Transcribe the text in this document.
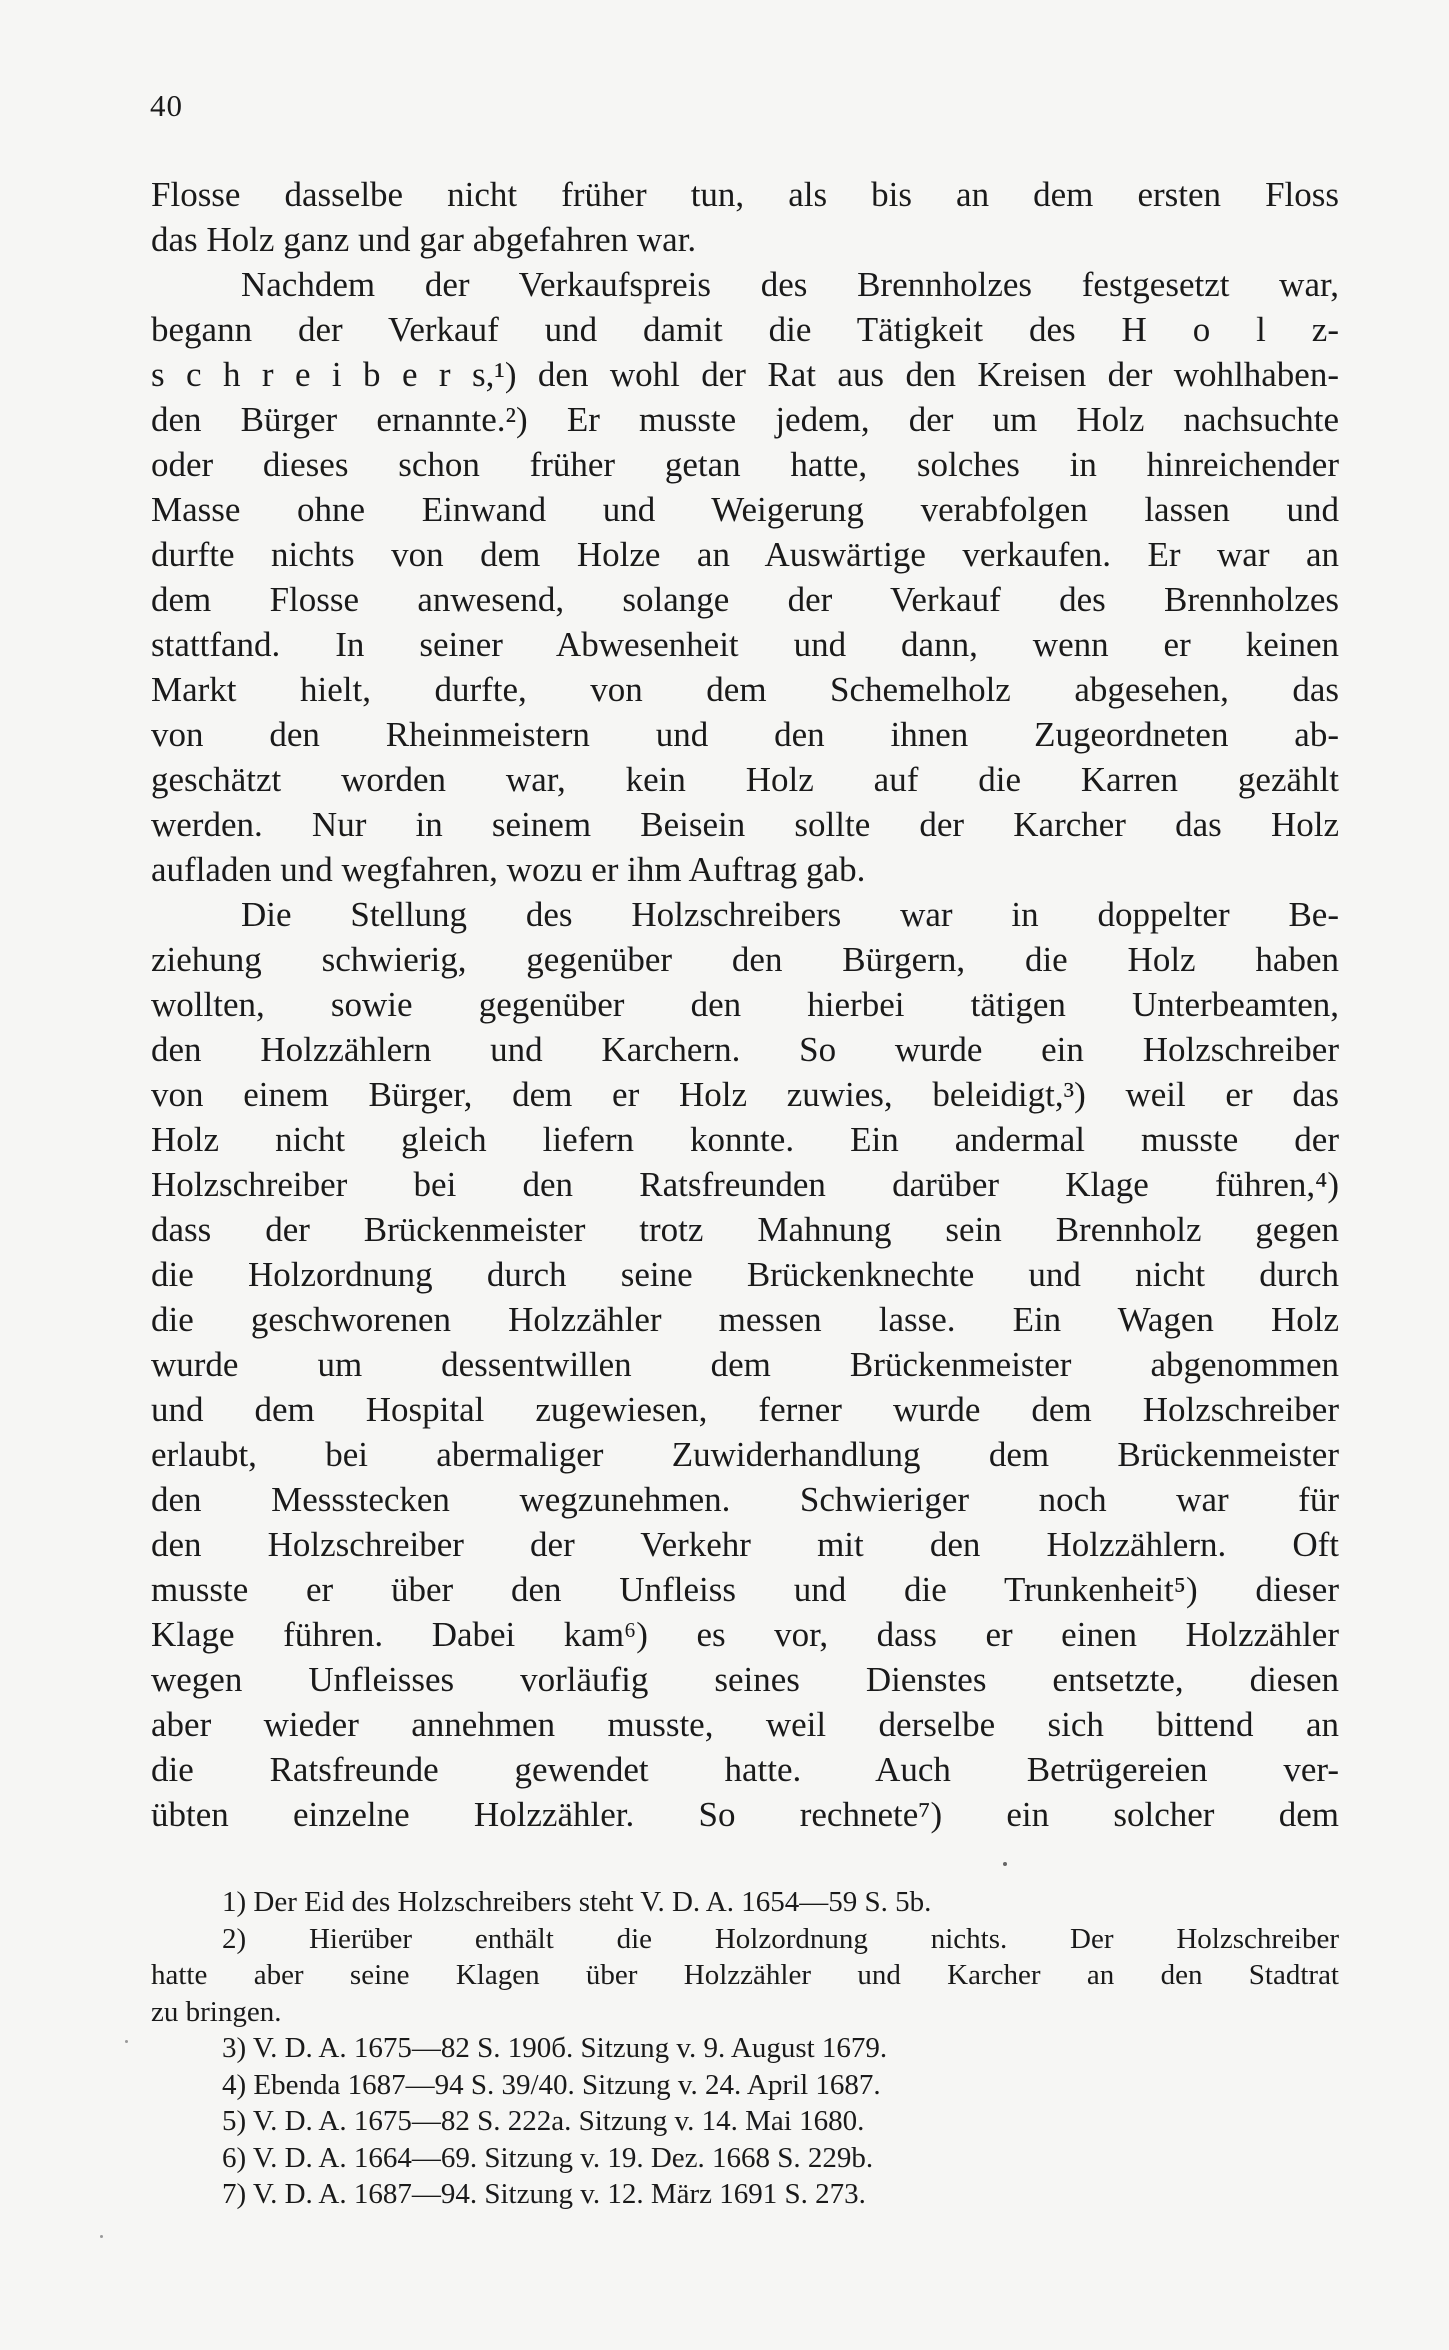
40
Flosse dasselbe nicht früher tun, als bis an dem ersten Floss
das Holz ganz und gar abgefahren war.
Nachdem der Verkaufspreis des Brennholzes festgesetzt war,
begann der Verkauf und damit die Tätigkeit des H o l z-
s c h r e i b e r s,¹) den wohl der Rat aus den Kreisen der wohlhaben-
den Bürger ernannte.²) Er musste jedem, der um Holz nachsuchte
oder dieses schon früher getan hatte, solches in hinreichender
Masse ohne Einwand und Weigerung verabfolgen lassen und
durfte nichts von dem Holze an Auswärtige verkaufen. Er war an
dem Flosse anwesend, solange der Verkauf des Brennholzes
stattfand. In seiner Abwesenheit und dann, wenn er keinen
Markt hielt, durfte, von dem Schemelholz abgesehen, das
von den Rheinmeistern und den ihnen Zugeordneten ab-
geschätzt worden war, kein Holz auf die Karren gezählt
werden. Nur in seinem Beisein sollte der Karcher das Holz
aufladen und wegfahren, wozu er ihm Auftrag gab.
Die Stellung des Holzschreibers war in doppelter Be-
ziehung schwierig, gegenüber den Bürgern, die Holz haben
wollten, sowie gegenüber den hierbei tätigen Unterbeamten,
den Holzzählern und Karchern. So wurde ein Holzschreiber
von einem Bürger, dem er Holz zuwies, beleidigt,³) weil er das
Holz nicht gleich liefern konnte. Ein andermal musste der
Holzschreiber bei den Ratsfreunden darüber Klage führen,⁴)
dass der Brückenmeister trotz Mahnung sein Brennholz gegen
die Holzordnung durch seine Brückenknechte und nicht durch
die geschworenen Holzzähler messen lasse. Ein Wagen Holz
wurde um dessentwillen dem Brückenmeister abgenommen
und dem Hospital zugewiesen, ferner wurde dem Holzschreiber
erlaubt, bei abermaliger Zuwiderhandlung dem Brückenmeister
den Messstecken wegzunehmen. Schwieriger noch war für
den Holzschreiber der Verkehr mit den Holzzählern. Oft
musste er über den Unfleiss und die Trunkenheit⁵) dieser
Klage führen. Dabei kam⁶) es vor, dass er einen Holzzähler
wegen Unfleisses vorläufig seines Dienstes entsetzte, diesen
aber wieder annehmen musste, weil derselbe sich bittend an
die Ratsfreunde gewendet hatte. Auch Betrügereien ver-
übten einzelne Holzzähler. So rechnete⁷) ein solcher dem
1) Der Eid des Holzschreibers steht V. D. A. 1654—59 S. 5b.
2) Hierüber enthält die Holzordnung nichts. Der Holzschreiber
hatte aber seine Klagen über Holzzähler und Karcher an den Stadtrat
zu bringen.
3) V. D. A. 1675—82 S. 190б. Sitzung v. 9. August 1679.
4) Ebenda 1687—94 S. 39/40. Sitzung v. 24. April 1687.
5) V. D. A. 1675—82 S. 222a. Sitzung v. 14. Mai 1680.
6) V. D. A. 1664—69. Sitzung v. 19. Dez. 1668 S. 229b.
7) V. D. A. 1687—94. Sitzung v. 12. März 1691 S. 273.
